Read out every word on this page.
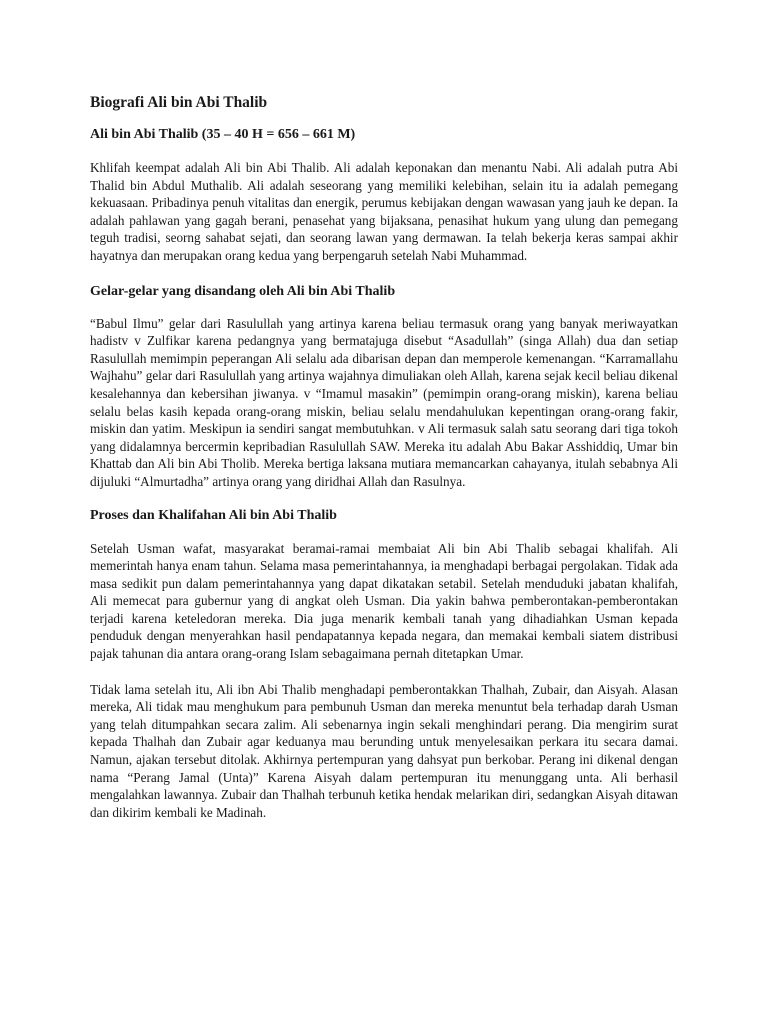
Biografi Ali bin Abi Thalib
Ali bin Abi Thalib (35 – 40 H = 656 – 661 M)

Khlifah keempat adalah Ali bin Abi Thalib. Ali adalah keponakan dan menantu Nabi. Ali adalah putra Abi Thalid bin Abdul Muthalib. Ali adalah seseorang yang memiliki kelebihan, selain itu ia adalah pemegang kekuasaan. Pribadinya penuh vitalitas dan energik, perumus kebijakan dengan wawasan yang jauh ke depan. Ia adalah pahlawan yang gagah berani, penasehat yang bijaksana, penasihat hukum yang ulung dan pemegang teguh tradisi, seorng sahabat sejati, dan seorang lawan yang dermawan. Ia telah bekerja keras sampai akhir hayatnya dan merupakan orang kedua yang berpengaruh setelah Nabi Muhammad.

Gelar-gelar yang disandang oleh Ali bin Abi Thalib

“Babul Ilmu” gelar dari Rasulullah yang artinya karena beliau termasuk orang yang banyak meriwayatkan hadistv v Zulfikar karena pedangnya yang bermatajuga disebut “Asadullah” (singa Allah) dua dan setiap Rasulullah memimpin peperangan Ali selalu ada dibarisan depan dan memperole kemenangan. “Karramallahu Wajhahu” gelar dari Rasulullah yang artinya wajahnya dimuliakan oleh Allah, karena sejak kecil beliau dikenal kesalehannya dan kebersihan jiwanya. v “Imamul masakin” (pemimpin orang-orang miskin), karena beliau selalu belas kasih kepada orang-orang miskin, beliau selalu mendahulukan kepentingan orang-orang fakir, miskin dan yatim. Meskipun ia sendiri sangat membutuhkan. v Ali termasuk salah satu seorang dari tiga tokoh yang didalamnya bercermin kepribadian Rasulullah SAW. Mereka itu adalah Abu Bakar Asshiddiq, Umar bin Khattab dan Ali bin Abi Tholib. Mereka bertiga laksana mutiara memancarkan cahayanya, itulah sebabnya Ali dijuluki “Almurtadha” artinya orang yang diridhai Allah dan Rasulnya.

Proses dan Khalifahan Ali bin Abi Thalib

Setelah Usman wafat, masyarakat beramai-ramai membaiat Ali bin Abi Thalib sebagai khalifah. Ali memerintah hanya enam tahun. Selama masa pemerintahannya, ia menghadapi berbagai pergolakan. Tidak ada masa sedikit pun dalam pemerintahannya yang dapat dikatakan setabil. Setelah menduduki jabatan khalifah, Ali memecat para gubernur yang di angkat oleh Usman. Dia yakin bahwa pemberontakan-pemberontakan terjadi karena keteledoran mereka. Dia juga menarik kembali tanah yang dihadiahkan Usman kepada penduduk dengan menyerahkan hasil pendapatannya kepada negara, dan memakai kembali siatem distribusi pajak tahunan dia antara orang-orang Islam sebagaimana pernah ditetapkan Umar.

Tidak lama setelah itu, Ali ibn Abi Thalib menghadapi pemberontakkan Thalhah, Zubair, dan Aisyah. Alasan mereka, Ali tidak mau menghukum para pembunuh Usman dan mereka menuntut bela terhadap darah Usman yang telah ditumpahkan secara zalim. Ali sebenarnya ingin sekali menghindari perang. Dia mengirim surat kepada Thalhah dan Zubair agar keduanya mau berunding untuk menyelesaikan perkara itu secara damai. Namun, ajakan tersebut ditolak. Akhirnya pertempuran yang dahsyat pun berkobar. Perang ini dikenal dengan nama “Perang Jamal (Unta)” Karena Aisyah dalam pertempuran itu menunggang unta. Ali berhasil mengalahkan lawannya. Zubair dan Thalhah terbunuh ketika hendak melarikan diri, sedangkan Aisyah ditawan dan dikirim kembali ke Madinah.
